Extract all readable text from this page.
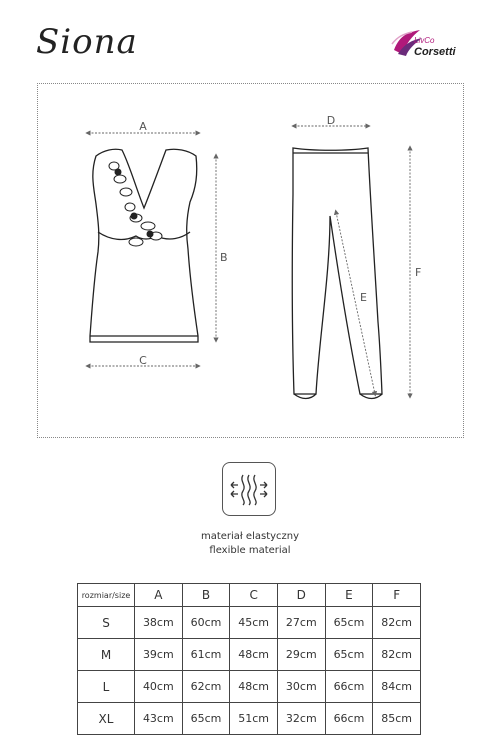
Siona	LivCo
Corsetti
A
B
C
D
E
F
materiał elastyczny
flexible material
rozmiar/size	A	B	C	D	E	F
S	38cm	60cm	45cm	27cm	65cm	82cm
M	39cm	61cm	48cm	29cm	65cm	82cm
L	40cm	62cm	48cm	30cm	66cm	84cm
XL	43cm	65cm	51cm	32cm	66cm	85cm
